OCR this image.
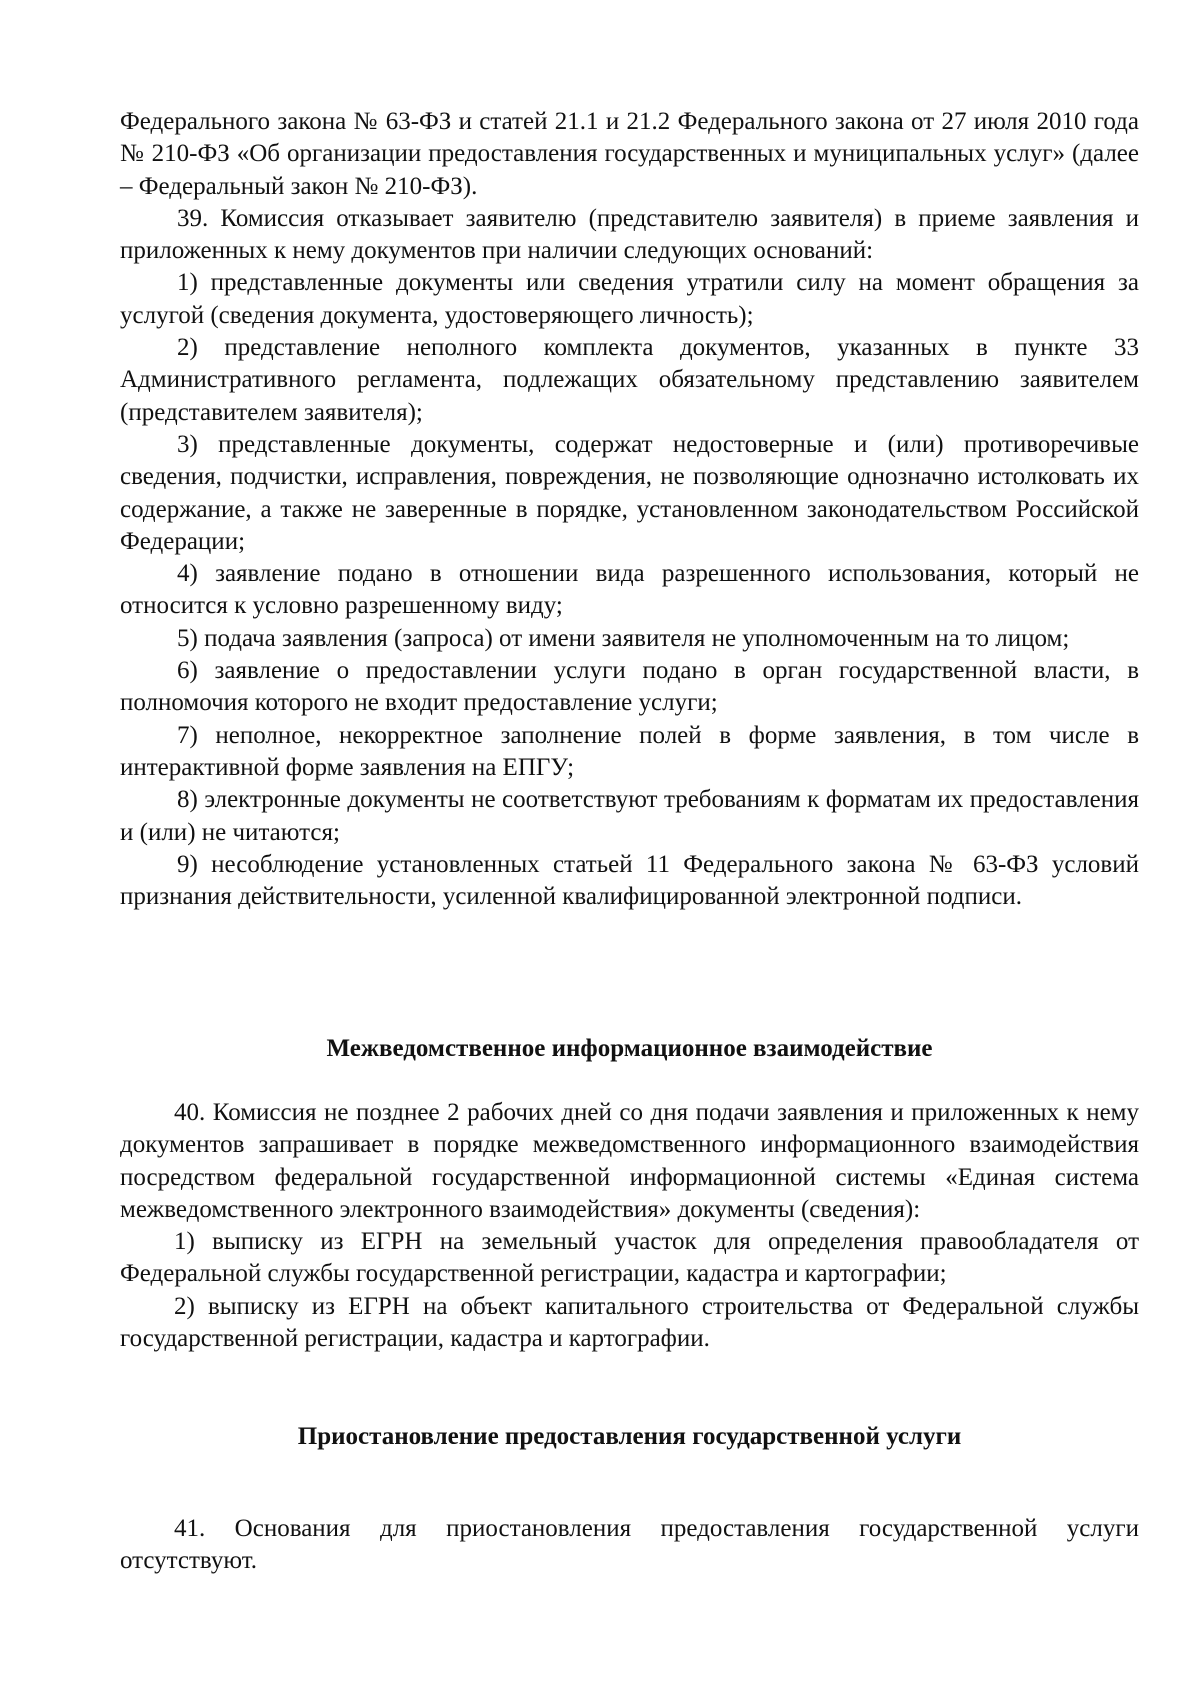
Федерального закона № 63-ФЗ и статей 21.1 и 21.2 Федерального закона от 27 июля 2010 года № 210-ФЗ «Об организации предоставления государственных и муниципальных услуг» (далее – Федеральный закон № 210-ФЗ).

39. Комиссия отказывает заявителю (представителю заявителя) в приеме заявления и приложенных к нему документов при наличии следующих оснований:

1) представленные документы или сведения утратили силу на момент обращения за услугой (сведения документа, удостоверяющего личность);

2) представление неполного комплекта документов, указанных в пункте 33 Административного регламента, подлежащих обязательному представлению заявителем (представителем заявителя);

3) представленные документы, содержат недостоверные и (или) противоречивые сведения, подчистки, исправления, повреждения, не позволяющие однозначно истолковать их содержание, а также не заверенные в порядке, установленном законодательством Российской Федерации;

4) заявление подано в отношении вида разрешенного использования, который не относится к условно разрешенному виду;

5) подача заявления (запроса) от имени заявителя не уполномоченным на то лицом;

6) заявление о предоставлении услуги подано в орган государственной власти, в полномочия которого не входит предоставление услуги;

7) неполное, некорректное заполнение полей в форме заявления, в том числе в интерактивной форме заявления на ЕПГУ;

8) электронные документы не соответствуют требованиям к форматам их предоставления и (или) не читаются;

9) несоблюдение установленных статьей 11 Федерального закона № 63-ФЗ условий признания действительности, усиленной квалифицированной электронной подписи.

Межведомственное информационное взаимодействие

40. Комиссия не позднее 2 рабочих дней со дня подачи заявления и приложенных к нему документов запрашивает в порядке межведомственного информационного взаимодействия посредством федеральной государственной информационной системы «Единая система межведомственного электронного взаимодействия» документы (сведения):

1) выписку из ЕГРН на земельный участок для определения правообладателя от Федеральной службы государственной регистрации, кадастра и картографии;

2) выписку из ЕГРН на объект капитального строительства от Федеральной службы государственной регистрации, кадастра и картографии.

Приостановление предоставления государственной услуги

41. Основания для приостановления предоставления государственной услуги отсутствуют.
